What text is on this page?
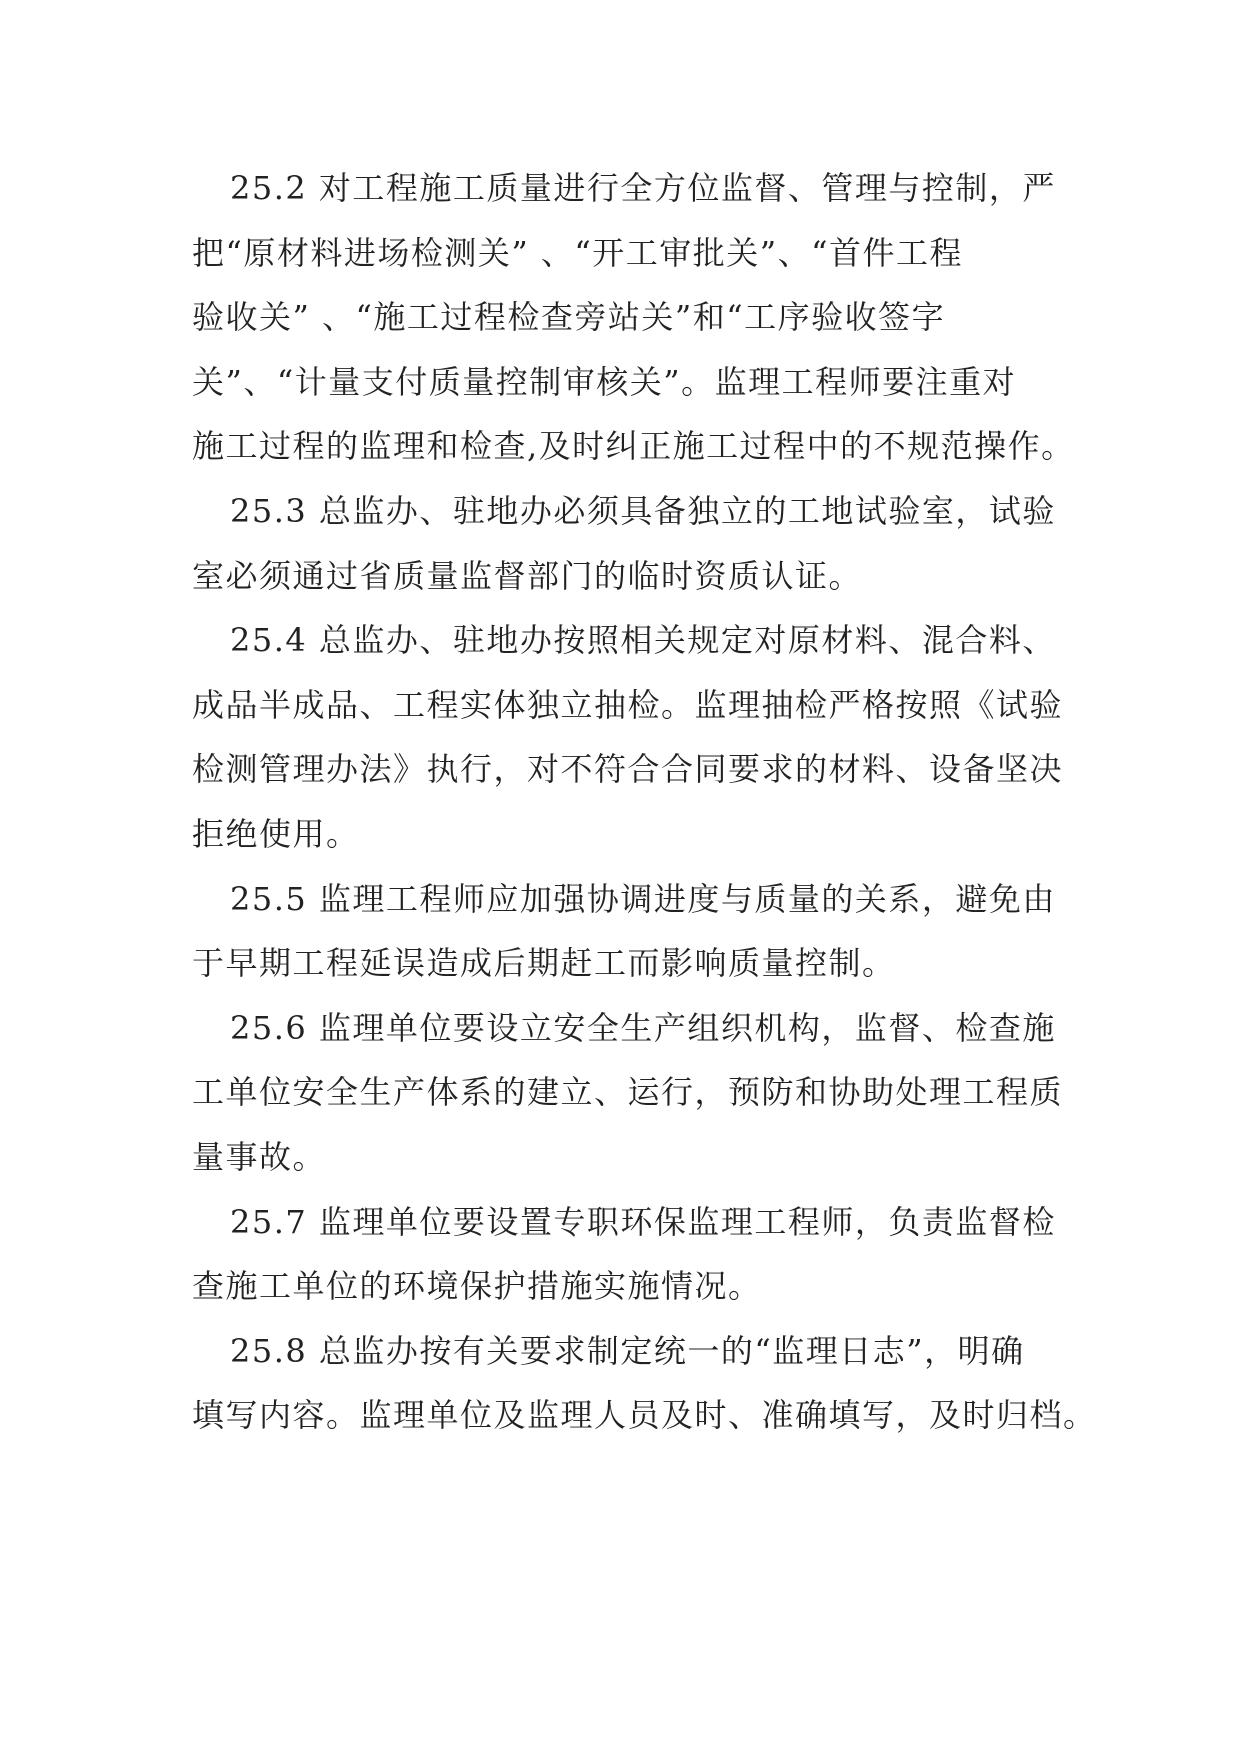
25.2 对工程施工质量进行全方位监督、管理与控制，严
把“原材料进场检测关” 、“开工审批关”、“首件工程
验收关” 、“施工过程检查旁站关”和“工序验收签字
关”、“计量支付质量控制审核关”。监理工程师要注重对
施工过程的监理和检查,及时纠正施工过程中的不规范操作。
25.3 总监办、驻地办必须具备独立的工地试验室，试验
室必须通过省质量监督部门的临时资质认证。
25.4 总监办、驻地办按照相关规定对原材料、混合料、
成品半成品、工程实体独立抽检。监理抽检严格按照《试验
检测管理办法》执行，对不符合合同要求的材料、设备坚决
拒绝使用。
25.5 监理工程师应加强协调进度与质量的关系，避免由
于早期工程延误造成后期赶工而影响质量控制。
25.6 监理单位要设立安全生产组织机构，监督、检查施
工单位安全生产体系的建立、运行，预防和协助处理工程质
量事故。
25.7 监理单位要设置专职环保监理工程师，负责监督检
查施工单位的环境保护措施实施情况。
25.8 总监办按有关要求制定统一的“监理日志”，明确
填写内容。监理单位及监理人员及时、准确填写，及时归档。
